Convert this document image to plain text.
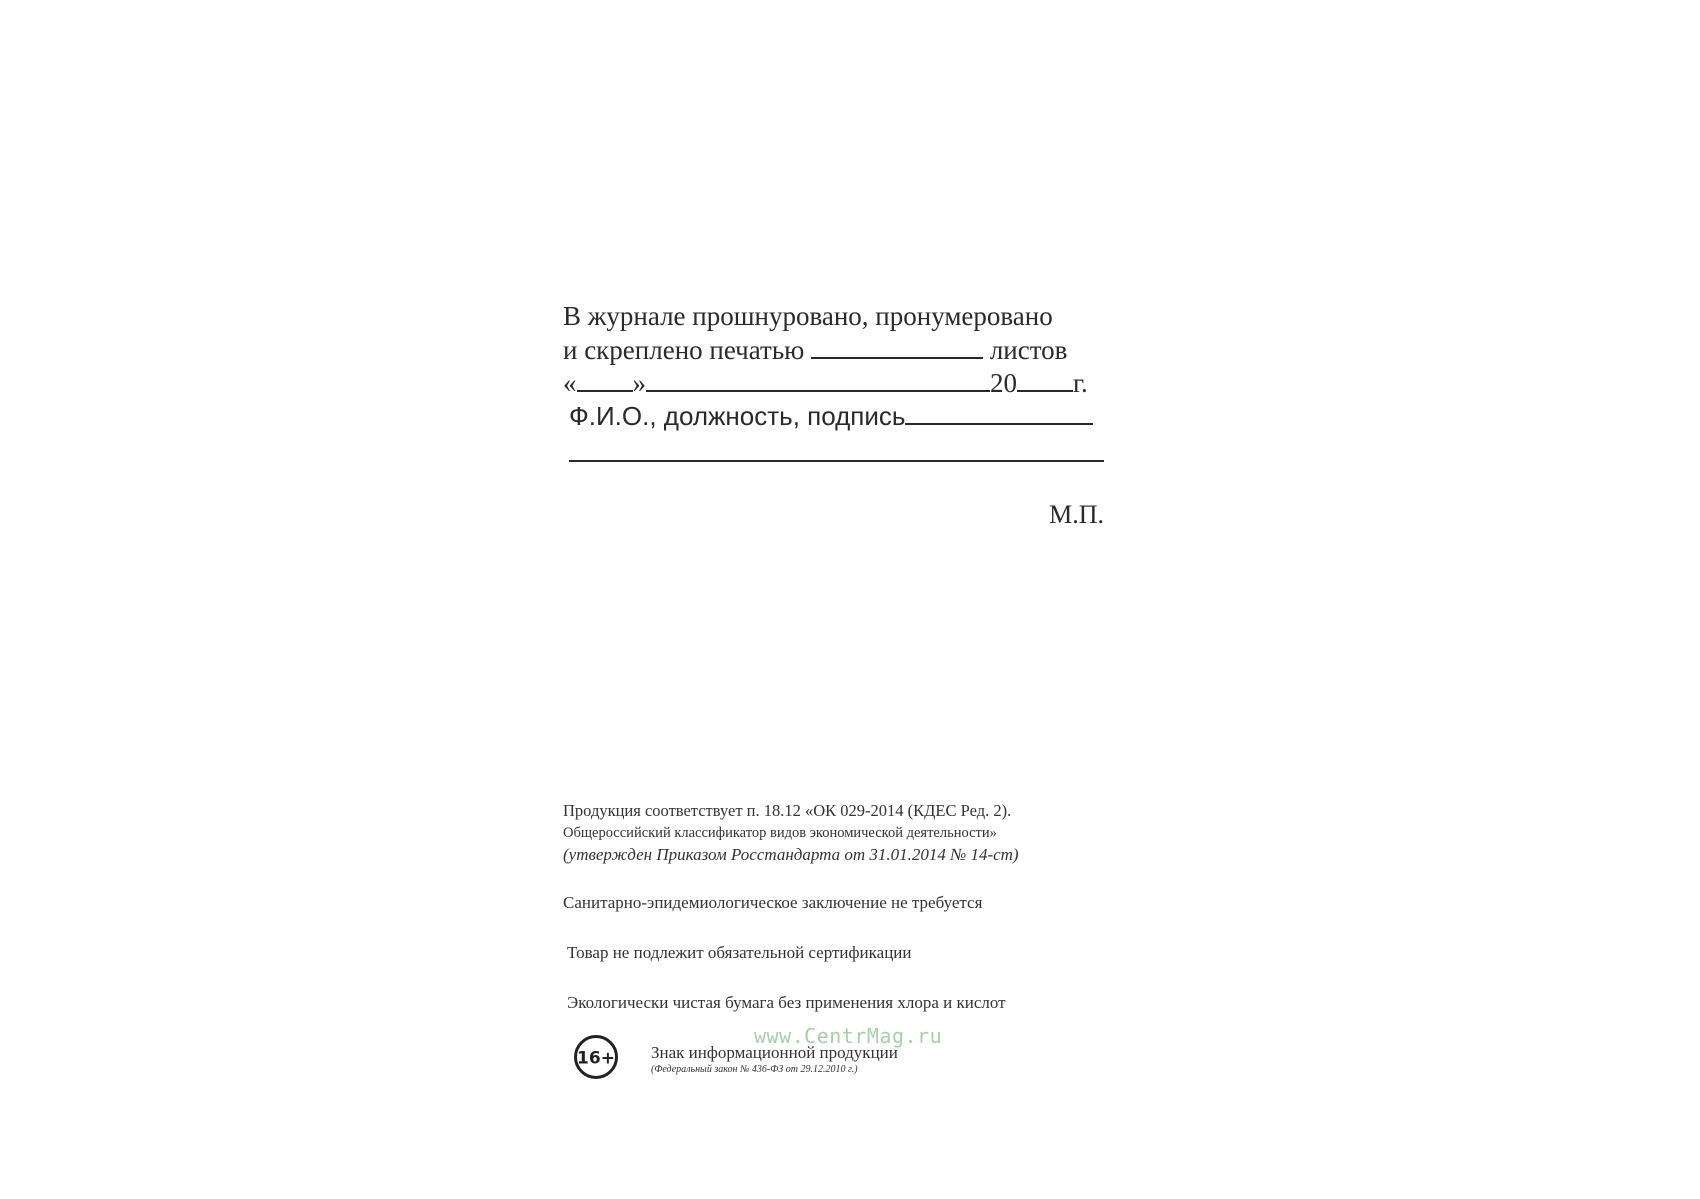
В журнале прошнуровано, пронумеровано
и скреплено печатью	листов
« »	20 г.
Ф.И.О., должность, подпись
М.П.
Продукция соответствует п. 18.12 «ОК 029-2014 (КДЕС Ред. 2).
Общероссийский классификатор видов экономической деятельности»
(утвержден Приказом Росстандарта от 31.01.2014 № 14-ст)
Санитарно-эпидемиологическое заключение не требуется
Товар не подлежит обязательной сертификации
Экологически чистая бумага без применения хлора и кислот
www.CentrMag.ru
16+ Знак информационной продукции
(Федеральный закон № 436-ФЗ от 29.12.2010 г.)
